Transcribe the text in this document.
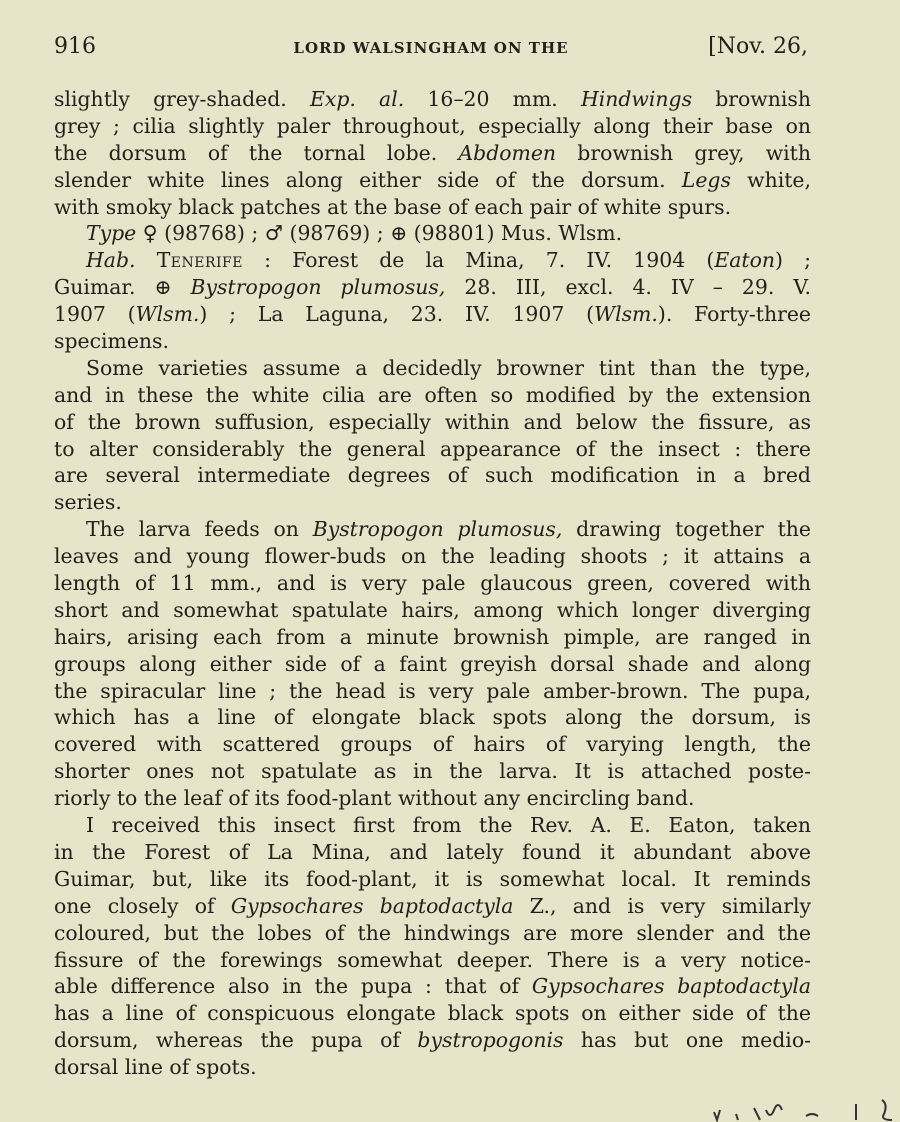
916	LORD WALSINGHAM ON THE	[Nov. 26,
slightly grey-shaded. Exp. al. 16–20 mm. Hindwings brownish
grey ; cilia slightly paler throughout, especially along their base on
the dorsum of the tornal lobe. Abdomen brownish grey, with
slender white lines along either side of the dorsum. Legs white,
with smoky black patches at the base of each pair of white spurs.
Type ♀ (98768) ; ♂ (98769) ; ⊕ (98801) Mus. Wlsm.
Hab. Tenerife : Forest de la Mina, 7. IV. 1904 (Eaton) ;
Guimar. ⊕ Bystropogon plumosus, 28. III, excl. 4. IV – 29. V.
1907 (Wlsm.) ; La Laguna, 23. IV. 1907 (Wlsm.). Forty-three
specimens.
Some varieties assume a decidedly browner tint than the type,
and in these the white cilia are often so modified by the extension
of the brown suffusion, especially within and below the fissure, as
to alter considerably the general appearance of the insect : there
are several intermediate degrees of such modification in a bred
series.
The larva feeds on Bystropogon plumosus, drawing together the
leaves and young flower-buds on the leading shoots ; it attains a
length of 11 mm., and is very pale glaucous green, covered with
short and somewhat spatulate hairs, among which longer diverging
hairs, arising each from a minute brownish pimple, are ranged in
groups along either side of a faint greyish dorsal shade and along
the spiracular line ; the head is very pale amber-brown. The pupa,
which has a line of elongate black spots along the dorsum, is
covered with scattered groups of hairs of varying length, the
shorter ones not spatulate as in the larva. It is attached poste-
riorly to the leaf of its food-plant without any encircling band.
I received this insect first from the Rev. A. E. Eaton, taken
in the Forest of La Mina, and lately found it abundant above
Guimar, but, like its food-plant, it is somewhat local. It reminds
one closely of Gypsochares baptodactyla Z., and is very similarly
coloured, but the lobes of the hindwings are more slender and the
fissure of the forewings somewhat deeper. There is a very notice-
able difference also in the pupa : that of Gypsochares baptodactyla
has a line of conspicuous elongate black spots on either side of the
dorsum, whereas the pupa of bystropogonis has but one medio-
dorsal line of spots.
